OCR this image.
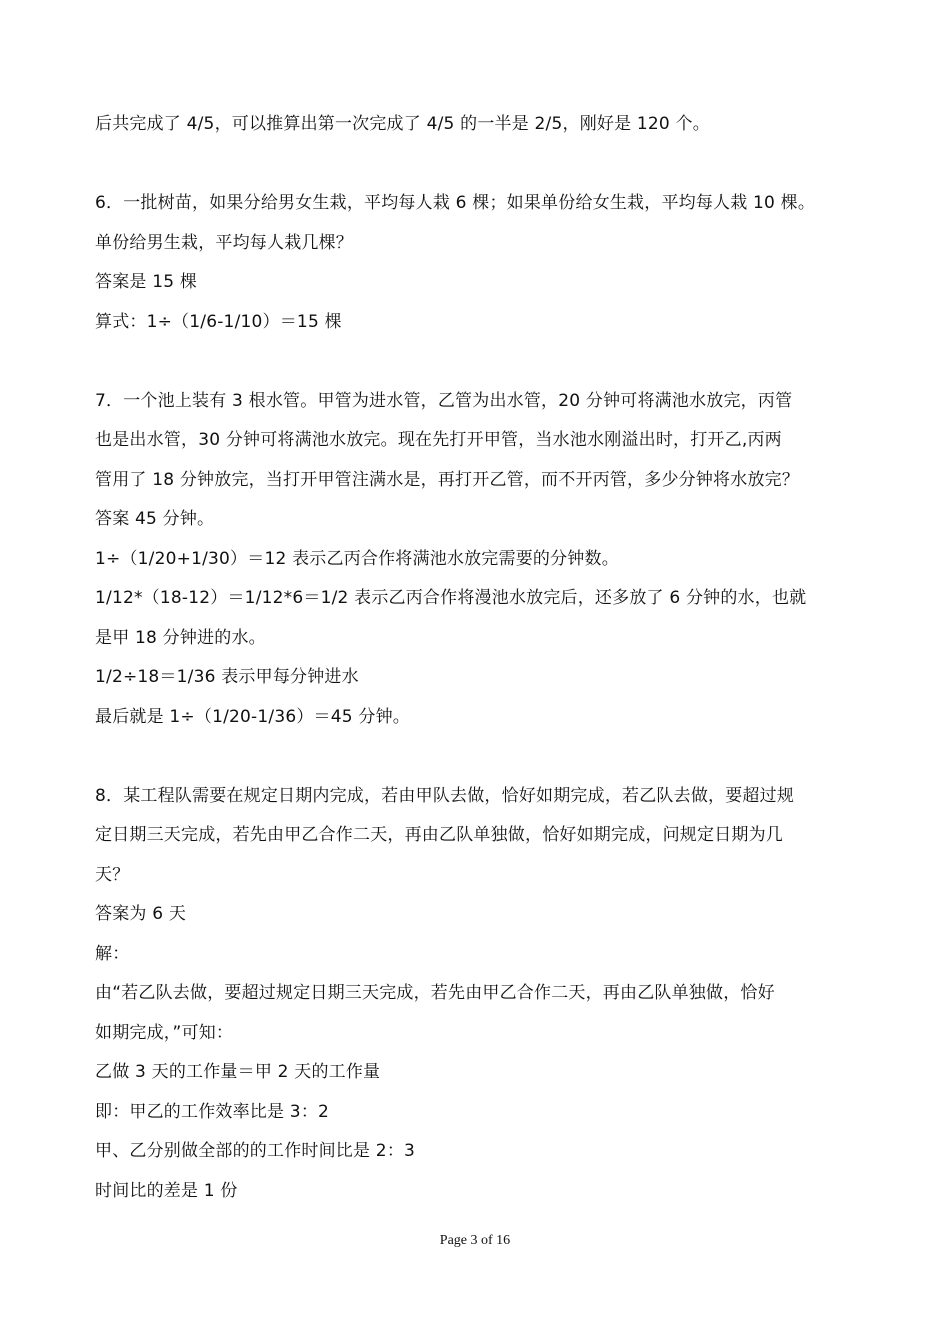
后共完成了 4/5，可以推算出第一次完成了 4/5 的一半是 2/5，刚好是 120 个。
6．一批树苗，如果分给男女生栽，平均每人栽 6 棵；如果单份给女生栽，平均每人栽 10 棵。
单份给男生栽，平均每人栽几棵？
答案是 15 棵
算式：1÷（1/6-1/10）＝15 棵
7．一个池上装有 3 根水管。甲管为进水管，乙管为出水管，20 分钟可将满池水放完，丙管
也是出水管，30 分钟可将满池水放完。现在先打开甲管，当水池水刚溢出时，打开乙,丙两
管用了 18 分钟放完，当打开甲管注满水是，再打开乙管，而不开丙管，多少分钟将水放完？
答案 45 分钟。
1÷（1/20+1/30）＝12 表示乙丙合作将满池水放完需要的分钟数。
1/12*（18-12）＝1/12*6＝1/2 表示乙丙合作将漫池水放完后，还多放了 6 分钟的水，也就
是甲 18 分钟进的水。
1/2÷18＝1/36 表示甲每分钟进水
最后就是 1÷（1/20-1/36）＝45 分钟。
8．某工程队需要在规定日期内完成，若由甲队去做，恰好如期完成，若乙队去做，要超过规
定日期三天完成，若先由甲乙合作二天，再由乙队单独做，恰好如期完成，问规定日期为几
天？
答案为 6 天
解：
由“若乙队去做，要超过规定日期三天完成，若先由甲乙合作二天，再由乙队单独做，恰好
如期完成，”可知：
乙做 3 天的工作量＝甲 2 天的工作量
即：甲乙的工作效率比是 3：2
甲、乙分别做全部的的工作时间比是 2：3
时间比的差是 1 份
Page 3 of 16
